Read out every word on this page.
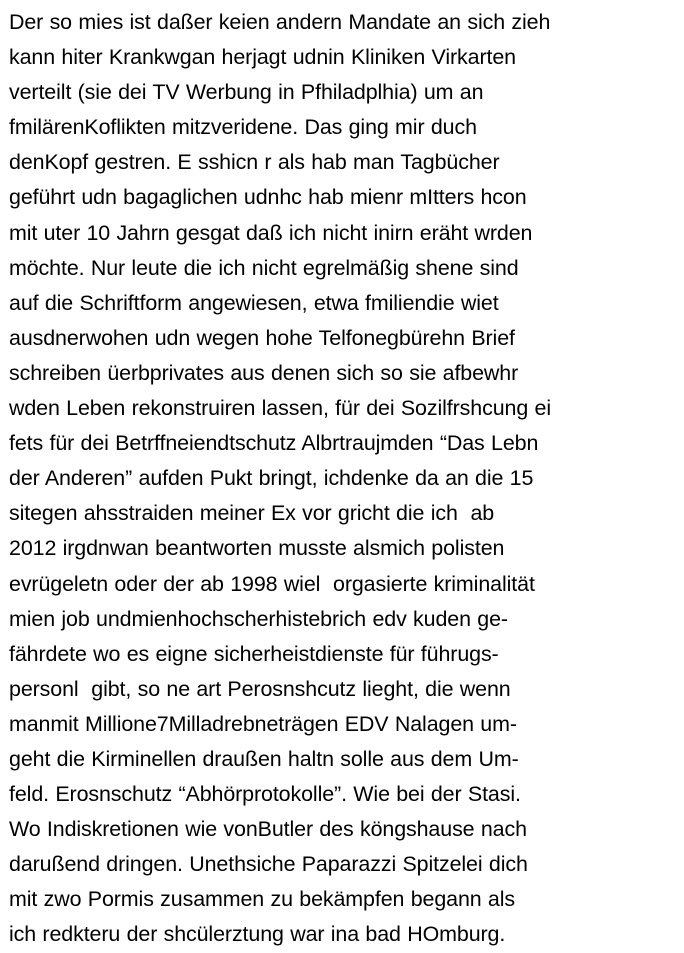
Der so mies ist daßer keien andern Mandate an sich zieh
kann hiter Krankwgan herjagt udnin Kliniken Virkarten
verteilt (sie dei TV Werbung in Pfhiladplhia) um an
fmilärenKoflikten mitzveridene. Das ging mir duch
denKopf gestren. E sshicn r als hab man Tagbücher
geführt udn bagaglichen udnhc hab mienr mItters hcon
mit uter 10 Jahrn gesgat daß ich nicht inirn eräht wrden
möchte. Nur leute die ich nicht egrelmäßig shene sind
auf die Schriftform angewiesen, etwa fmiliendie wiet
ausdnerwohen udn wegen hohe Telfonegbürehn Brief
schreiben üerbprivates aus denen sich so sie afbewhr
wden Leben rekonstruiren lassen, für dei Sozilfrshcung ei
fets für dei Betrffneiendtschutz Albrtraujmden “Das Lebn
der Anderen” aufden Pukt bringt, ichdenke da an die 15
sitegen ahsstraiden meiner Ex vor gricht die ich  ab
2012 irgdnwan beantworten musste alsmich polisten
evrügeletn oder der ab 1998 wiel  orgasierte kriminalität
mien job undmienhochscherhistebrich edv kuden ge-
fährdete wo es eigne sicherheistdienste für führugs-
personl  gibt, so ne art Perosnshcutz lieght, die wenn
manmit Millione7Milladrebneträgen EDV Nalagen um-
geht die Kirminellen draußen haltn solle aus dem Um-
feld. Erosnschutz “Abhörprotokolle”. Wie bei der Stasi.
Wo Indiskretionen wie vonButler des köngshause nach
darußend dringen. Unethsiche Paparazzi Spitzelei dich
mit zwo Pormis zusammen zu bekämpfen begann als
ich redkteru der shcülerztung war ina bad HOmburg.
